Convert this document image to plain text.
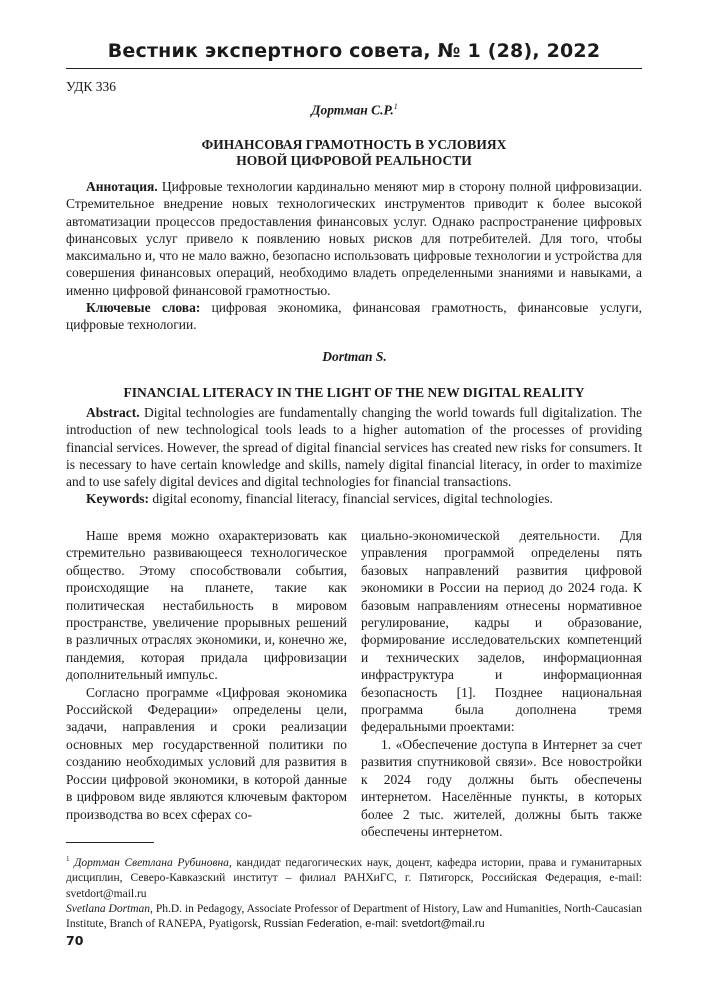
Вестник экспертного совета, № 1 (28), 2022
УДК 336
Дортман С.Р.$^1$
ФИНАНСОВАЯ ГРАМОТНОСТЬ В УСЛОВИЯХ
НОВОЙ ЦИФРОВОЙ РЕАЛЬНОСТИ

Аннотация. Цифровые технологии кардинально меняют мир в сторону полной цифровизации. Стремительное внедрение новых технологических инструментов приводит к более высокой автоматизации процессов предоставления финансовых услуг. Однако распространение цифровых финансовых услуг привело к появлению новых рисков для потребителей. Для того, чтобы максимально и, что не мало важно, безопасно использовать цифровые технологии и устройства для совершения финансовых операций, необходимо владеть определенными знаниями и навыками, а именно цифровой финансовой грамотностью.

Ключевые слова: цифровая экономика, финансовая грамотность, финансовые услуги, цифровые технологии.

Dortman S.
FINANCIAL LITERACY IN THE LIGHT OF THE NEW DIGITAL REALITY

Abstract. Digital technologies are fundamentally changing the world towards full digitalization. The introduction of new technological tools leads to a higher automation of the processes of providing financial services. However, the spread of digital financial services has created new risks for consumers. It is necessary to have certain knowledge and skills, namely digital financial literacy, in order to maximize and to use safely digital devices and digital technologies for financial transactions.

Keywords: digital economy, financial literacy, financial services, digital technologies.

Наше время можно охарактеризовать как стремительно развивающееся технологическое общество. Этому способствовали события, происходящие на планете, такие как политическая нестабильность в мировом пространстве, увеличение прорывных решений в различных отраслях экономики, и, конечно же, пандемия, которая придала цифровизации дополнительный импульс.

Согласно программе «Цифровая экономика Российской Федерации» определены цели, задачи, направления и сроки реализации основных мер государственной политики по созданию необходимых условий для развития в России цифровой экономики, в которой данные в цифровом виде являются ключевым фактором производства во всех сферах со-

циально-экономической деятельности. Для управления программой определены пять базовых направлений развития цифровой экономики в России на период до 2024 года. К базовым направлениям отнесены нормативное регулирование, кадры и образование, формирование исследовательских компетенций и технических заделов, информационная инфраструктура и информационная безопасность [1]. Позднее национальная программа была дополнена тремя федеральными проектами:

1. «Обеспечение доступа в Интернет за счет развития спутниковой связи». Все новостройки к 2024 году должны быть обеспечены интернетом. Населённые пункты, в которых более 2 тыс. жителей, должны быть также обеспечены интернетом.

$^1$ Дортман Светлана Рубиновна, кандидат педагогических наук, доцент, кафедра истории, права и гуманитарных дисциплин, Северо-Кавказский институт – филиал РАНХиГС, г. Пятигорск, Российская Федерация, e-mail: svetdort@mail.ru

Svetlana Dortman, Ph.D. in Pedagogy, Associate Professor of Department of History, Law and Humanities, North-Caucasian Institute, Branch of RANEPA, Pyatigorsk, Russian Federation, e-mail: svetdort@mail.ru

70
